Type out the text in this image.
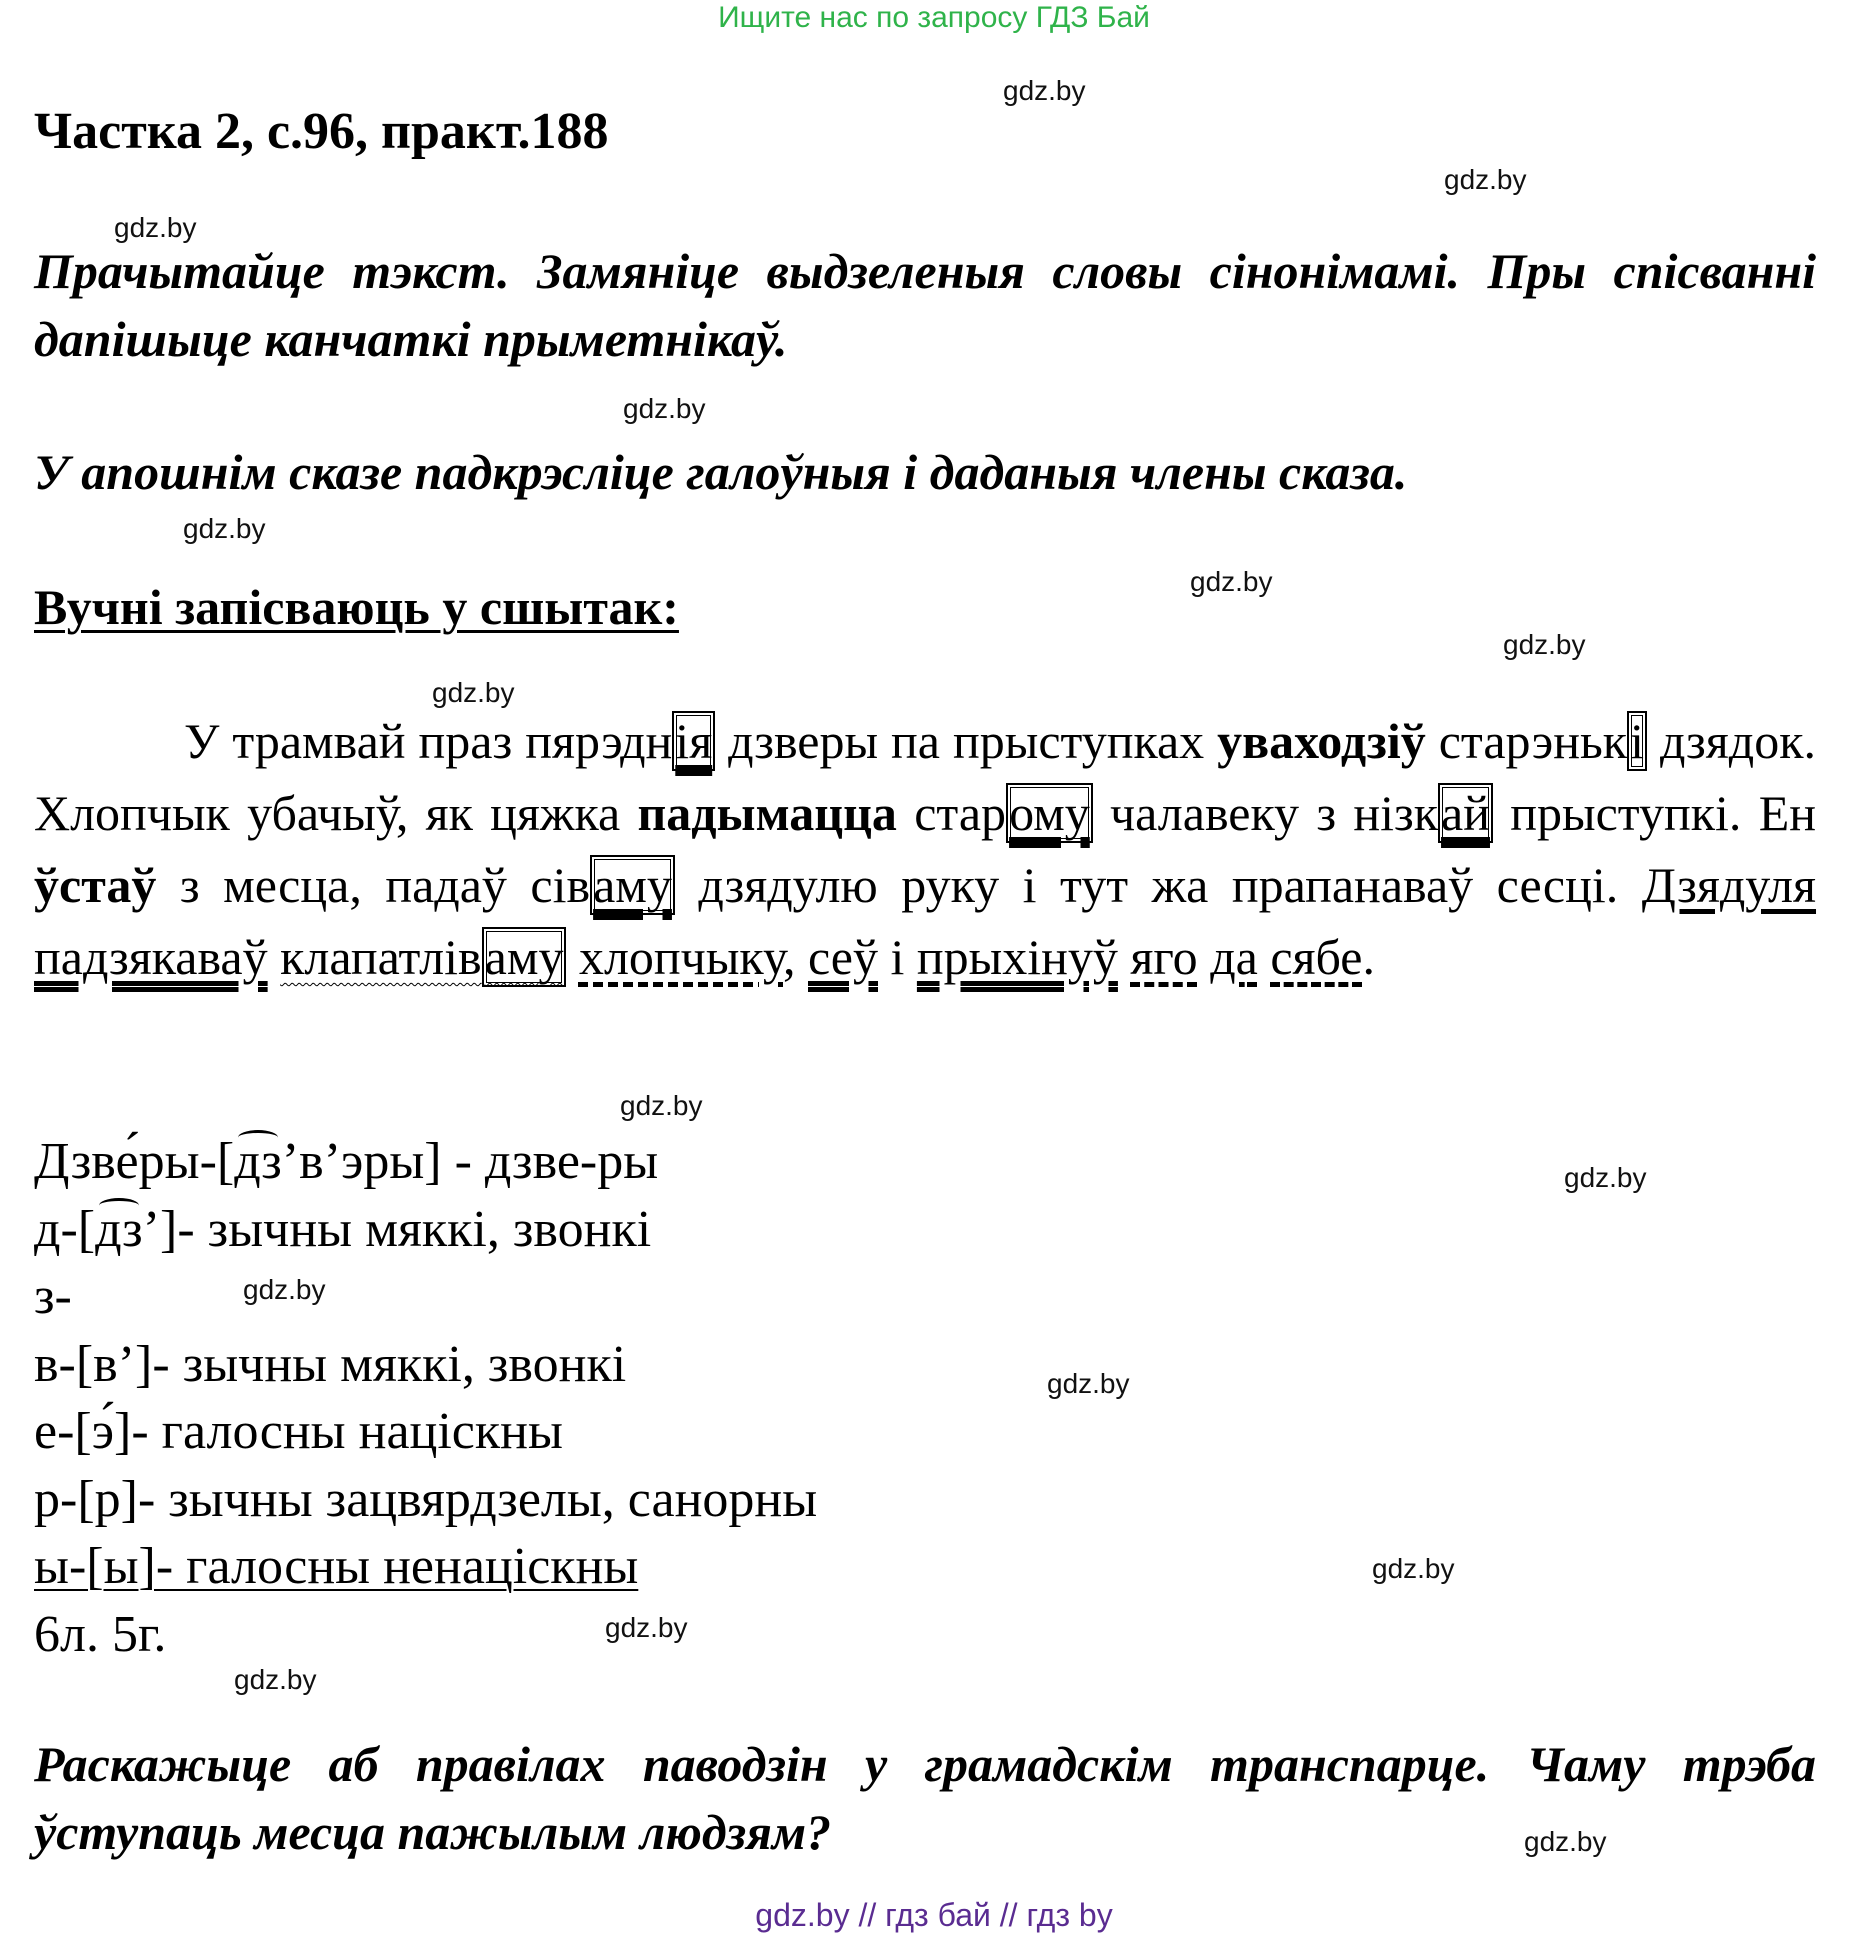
Ищите нас по запросу ГДЗ Бай
Частка 2, с.96, практ.188
Прачытайце тэкст. Замяніце выдзеленыя словы сінонімамі. Пры спісванні дапішыце канчаткі прыметнікаў.
У апошнім сказе падкрэсліце галоўныя і даданыя члены сказа.
Вучні запісваюць у сшытак:

У трамвай праз пярэднія дзверы па прыступках уваходзіў старэнькі дзядок. Хлопчык убачыў, як цяжка падымацца старому чалавеку з нізкай прыступкі. Ен ўстаў з месца, падаў сіваму дзядулю руку і тут жа прапанаваў сесці. Дзядуля падзякаваў клапатліваму хлопчыку, сеў і прыхінуў яго да сябе.

Дзве́ры-[дз’в’эры] - дзве-ры
д-[дз’]- зычны мяккі, звонкі
з-
в-[в’]- зычны мяккі, звонкі
е-[э́]- галосны націскны
р-[р]- зычны зацвярдзелы, санорны
ы-[ы]- галосны ненаціскны
6л. 5г.
Раскажыце аб правілах паводзін у грамадскім транспарце. Чаму трэба ўступаць месца пажылым людзям?
gdz.by
gdz.by
gdz.by
gdz.by
gdz.by
gdz.by
gdz.by
gdz.by
gdz.by
gdz.by
gdz.by
gdz.by
gdz.by
gdz.by
gdz.by
gdz.by
gdz.by // гдз бай // гдз by
